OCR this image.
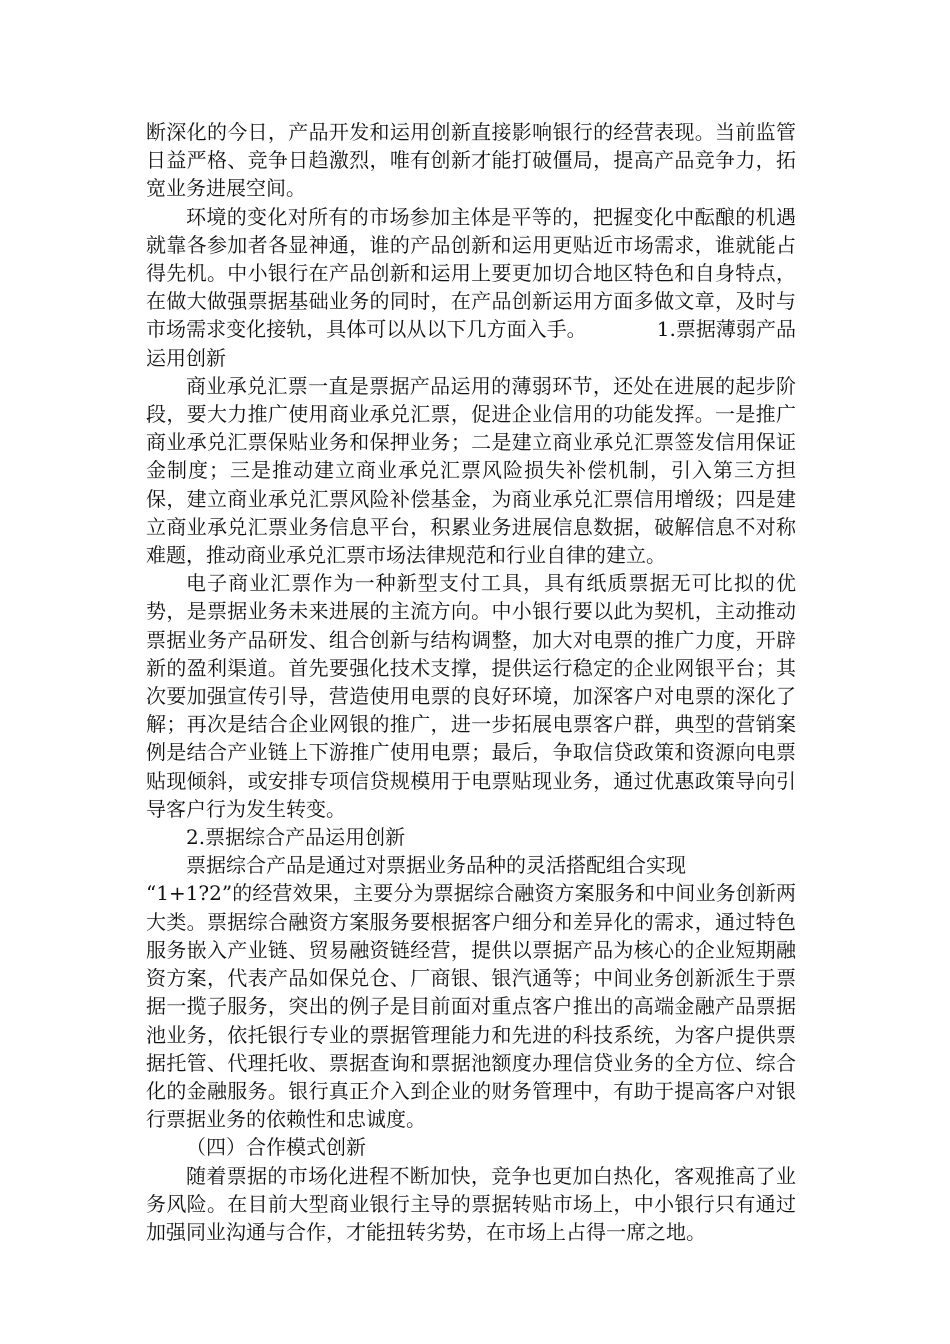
断深化的今日，产品开发和运用创新直接影响银行的经营表现。当前监管日益严格、竞争日趋激烈，唯有创新才能打破僵局，提高产品竞争力，拓宽业务进展空间。

环境的变化对所有的市场参加主体是平等的，把握变化中酝酿的机遇就靠各参加者各显神通，谁的产品创新和运用更贴近市场需求，谁就能占得先机。中小银行在产品创新和运用上要更加切合地区特色和自身特点，在做大做强票据基础业务的同时，在产品创新运用方面多做文章，及时与市场需求变化接轨，具体可以从以下几方面入手。	1.票据薄弱产品运用创新

商业承兑汇票一直是票据产品运用的薄弱环节，还处在进展的起步阶段，要大力推广使用商业承兑汇票，促进企业信用的功能发挥。一是推广商业承兑汇票保贴业务和保押业务；二是建立商业承兑汇票签发信用保证金制度；三是推动建立商业承兑汇票风险损失补偿机制，引入第三方担保，建立商业承兑汇票风险补偿基金，为商业承兑汇票信用增级；四是建立商业承兑汇票业务信息平台，积累业务进展信息数据，破解信息不对称难题，推动商业承兑汇票市场法律规范和行业自律的建立。

电子商业汇票作为一种新型支付工具，具有纸质票据无可比拟的优势，是票据业务未来进展的主流方向。中小银行要以此为契机，主动推动票据业务产品研发、组合创新与结构调整，加大对电票的推广力度，开辟新的盈利渠道。首先要强化技术支撑，提供运行稳定的企业网银平台；其次要加强宣传引导，营造使用电票的良好环境，加深客户对电票的深化了解；再次是结合企业网银的推广，进一步拓展电票客户群，典型的营销案例是结合产业链上下游推广使用电票；最后，争取信贷政策和资源向电票贴现倾斜，或安排专项信贷规模用于电票贴现业务，通过优惠政策导向引导客户行为发生转变。

2.票据综合产品运用创新

票据综合产品是通过对票据业务品种的灵活搭配组合实现

“1+1?2”的经营效果，主要分为票据综合融资方案服务和中间业务创新两大类。票据综合融资方案服务要根据客户细分和差异化的需求，通过特色服务嵌入产业链、贸易融资链经营，提供以票据产品为核心的企业短期融资方案，代表产品如保兑仓、厂商银、银汽通等；中间业务创新派生于票据一揽子服务，突出的例子是目前面对重点客户推出的高端金融产品票据池业务，依托银行专业的票据管理能力和先进的科技系统，为客户提供票据托管、代理托收、票据查询和票据池额度办理信贷业务的全方位、综合化的金融服务。银行真正介入到企业的财务管理中，有助于提高客户对银行票据业务的依赖性和忠诚度。

（四）合作模式创新

随着票据的市场化进程不断加快，竞争也更加白热化，客观推高了业务风险。在目前大型商业银行主导的票据转贴市场上，中小银行只有通过加强同业沟通与合作，才能扭转劣势，在市场上占得一席之地。
